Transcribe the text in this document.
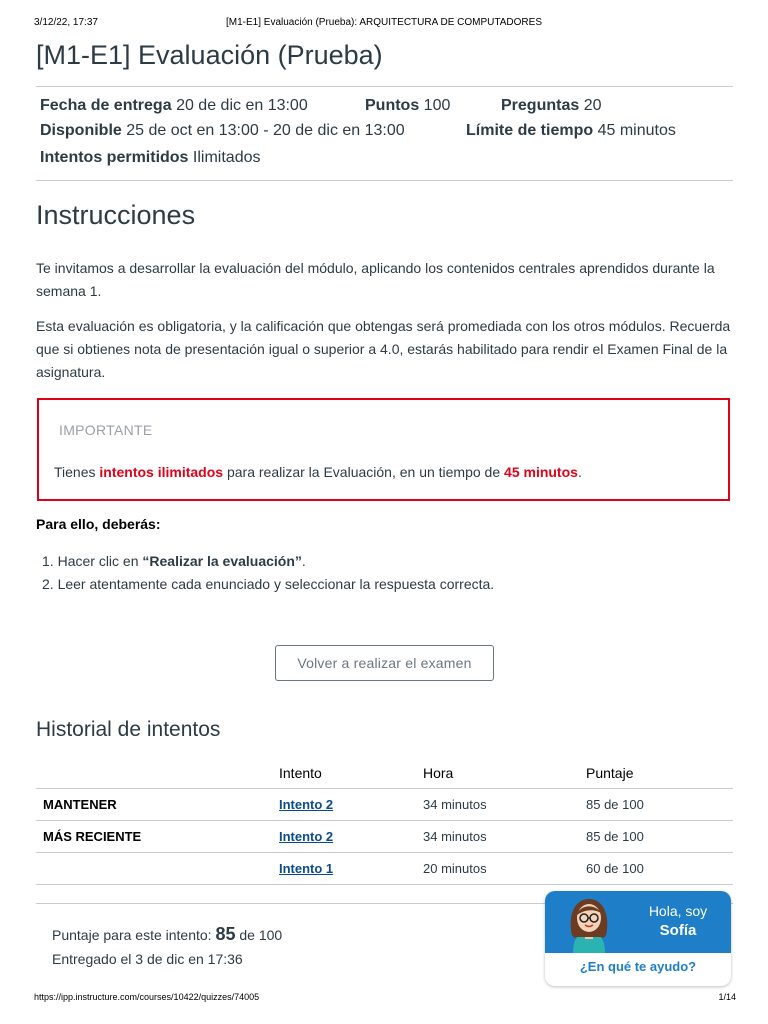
3/12/22, 17:37	[M1-E1] Evaluación (Prueba): ARQUITECTURA DE COMPUTADORES
[M1-E1] Evaluación (Prueba)
Fecha de entrega 20 de dic en 13:00	Puntos 100	Preguntas 20
Disponible 25 de oct en 13:00 - 20 de dic en 13:00	Límite de tiempo 45 minutos
Intentos permitidos Ilimitados
Instrucciones

Te invitamos a desarrollar la evaluación del módulo, aplicando los contenidos centrales aprendidos durante la semana 1.

Esta evaluación es obligatoria, y la calificación que obtengas será promediada con los otros módulos. Recuerda que si obtienes nota de presentación igual o superior a 4.0, estarás habilitado para rendir el Examen Final de la asignatura.

IMPORTANTE
Tienes intentos ilimitados para realizar la Evaluación, en un tiempo de 45 minutos.

Para ello, deberás:

1. Hacer clic en “Realizar la evaluación”.
2. Leer atentamente cada enunciado y seleccionar la respuesta correcta.
Volver a realizar el examen
Historial de intentos
	Intento	Hora	Puntaje
MANTENER	Intento 2	34 minutos	85 de 100
MÁS RECIENTE	Intento 2	34 minutos	85 de 100
	Intento 1	20 minutos	60 de 100
Puntaje para este intento: 85 de 100
Entregado el 3 de dic en 17:36
Hola, soy
Sofía
¿En qué te ayudo?
https://ipp.instructure.com/courses/10422/quizzes/74005	1/14
